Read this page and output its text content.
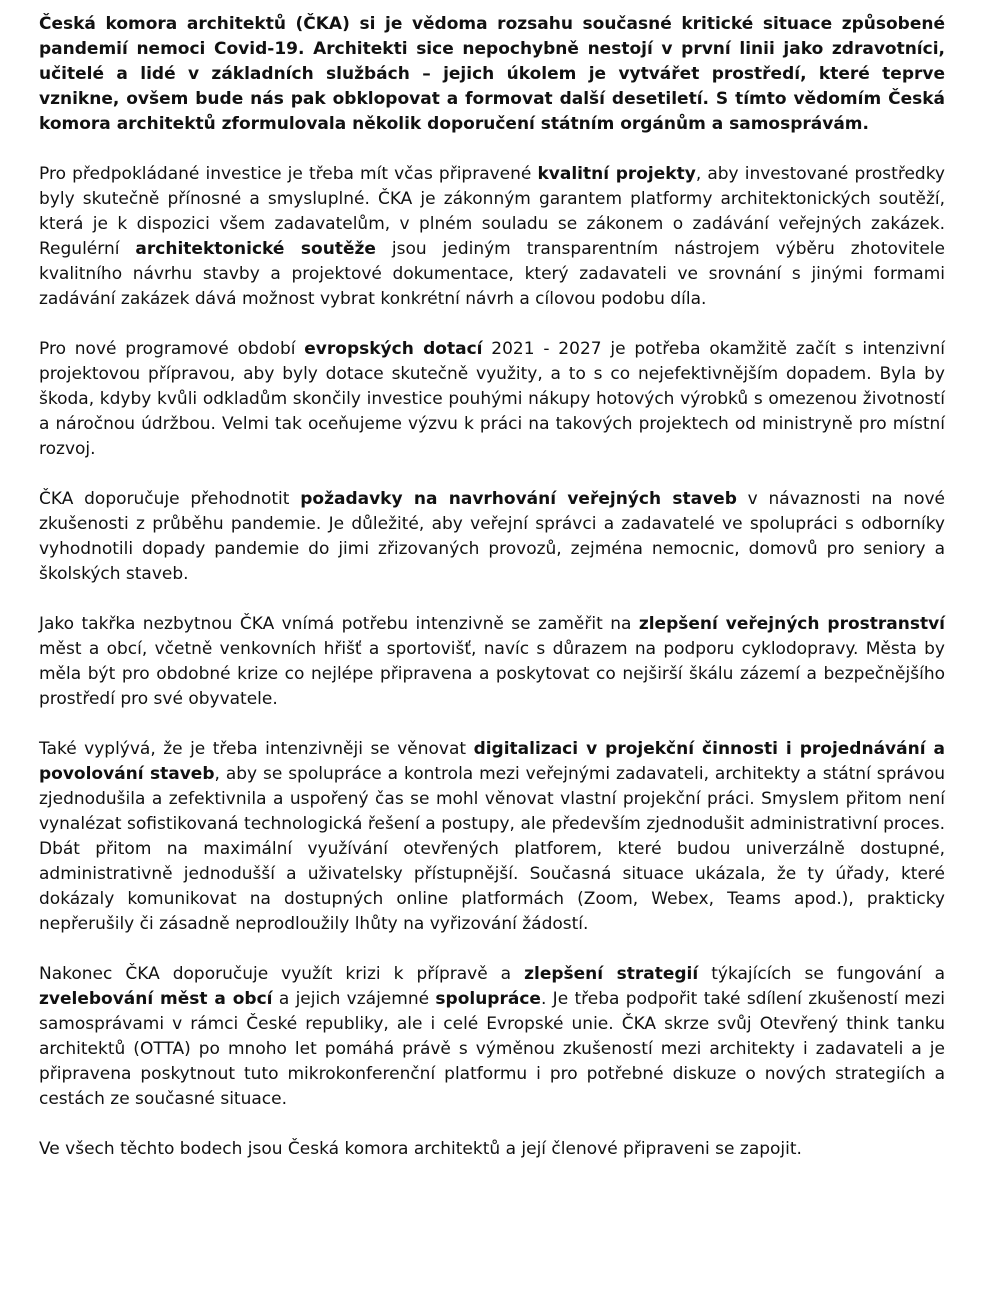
Česká komora architektů (ČKA) si je vědoma rozsahu současné kritické situace způsobené pandemií nemoci Covid-19. Architekti sice nepochybně nestojí v první linii jako zdravotníci, učitelé a lidé v základních službách – jejich úkolem je vytvářet prostředí, které teprve vznikne, ovšem bude nás pak obklopovat a formovat další desetiletí. S tímto vědomím Česká komora architektů zformulovala několik doporučení státním orgánům a samosprávám.

Pro předpokládané investice je třeba mít včas připravené kvalitní projekty, aby investované prostředky byly skutečně přínosné a smysluplné. ČKA je zákonným garantem platformy architektonických soutěží, která je k dispozici všem zadavatelům, v plném souladu se zákonem o zadávání veřejných zakázek. Regulérní architektonické soutěže jsou jediným transparentním nástrojem výběru zhotovitele kvalitního návrhu stavby a projektové dokumentace, který zadavateli ve srovnání s jinými formami zadávání zakázek dává možnost vybrat konkrétní návrh a cílovou podobu díla.

Pro nové programové období evropských dotací 2021 - 2027 je potřeba okamžitě začít s intenzivní projektovou přípravou, aby byly dotace skutečně využity, a to s co nejefektivnějším dopadem. Byla by škoda, kdyby kvůli odkladům skončily investice pouhými nákupy hotových výrobků s omezenou životností a náročnou údržbou. Velmi tak oceňujeme výzvu k práci na takových projektech od ministryně pro místní rozvoj.

ČKA doporučuje přehodnotit požadavky na navrhování veřejných staveb v návaznosti na nové zkušenosti z průběhu pandemie. Je důležité, aby veřejní správci a zadavatelé ve spolupráci s odborníky vyhodnotili dopady pandemie do jimi zřizovaných provozů, zejména nemocnic, domovů pro seniory a školských staveb.

Jako takřka nezbytnou ČKA vnímá potřebu intenzivně se zaměřit na zlepšení veřejných prostranství měst a obcí, včetně venkovních hřišť a sportovišť, navíc s důrazem na podporu cyklodopravy. Města by měla být pro obdobné krize co nejlépe připravena a poskytovat co nejširší škálu zázemí a bezpečnějšího prostředí pro své obyvatele.

Také vyplývá, že je třeba intenzivněji se věnovat digitalizaci v projekční činnosti i projednávání a povolování staveb, aby se spolupráce a kontrola mezi veřejnými zadavateli, architekty a státní správou zjednodušila a zefektivnila a uspořený čas se mohl věnovat vlastní projekční práci. Smyslem přitom není vynalézat sofistikovaná technologická řešení a postupy, ale především zjednodušit administrativní proces. Dbát přitom na maximální využívání otevřených platforem, které budou univerzálně dostupné, administrativně jednodušší a uživatelsky přístupnější. Současná situace ukázala, že ty úřady, které dokázaly komunikovat na dostupných online platformách (Zoom, Webex, Teams apod.), prakticky nepřerušily či zásadně neprodloužily lhůty na vyřizování žádostí.

Nakonec ČKA doporučuje využít krizi k přípravě a zlepšení strategií týkajících se fungování a zvelebování měst a obcí a jejich vzájemné spolupráce. Je třeba podpořit také sdílení zkušeností mezi samosprávami v rámci České republiky, ale i celé Evropské unie. ČKA skrze svůj Otevřený think tanku architektů (OTTA) po mnoho let pomáhá právě s výměnou zkušeností mezi architekty i zadavateli a je připravena poskytnout tuto mikrokonferenční platformu i pro potřebné diskuze o nových strategiích a cestách ze současné situace.

Ve všech těchto bodech jsou Česká komora architektů a její členové připraveni se zapojit.
